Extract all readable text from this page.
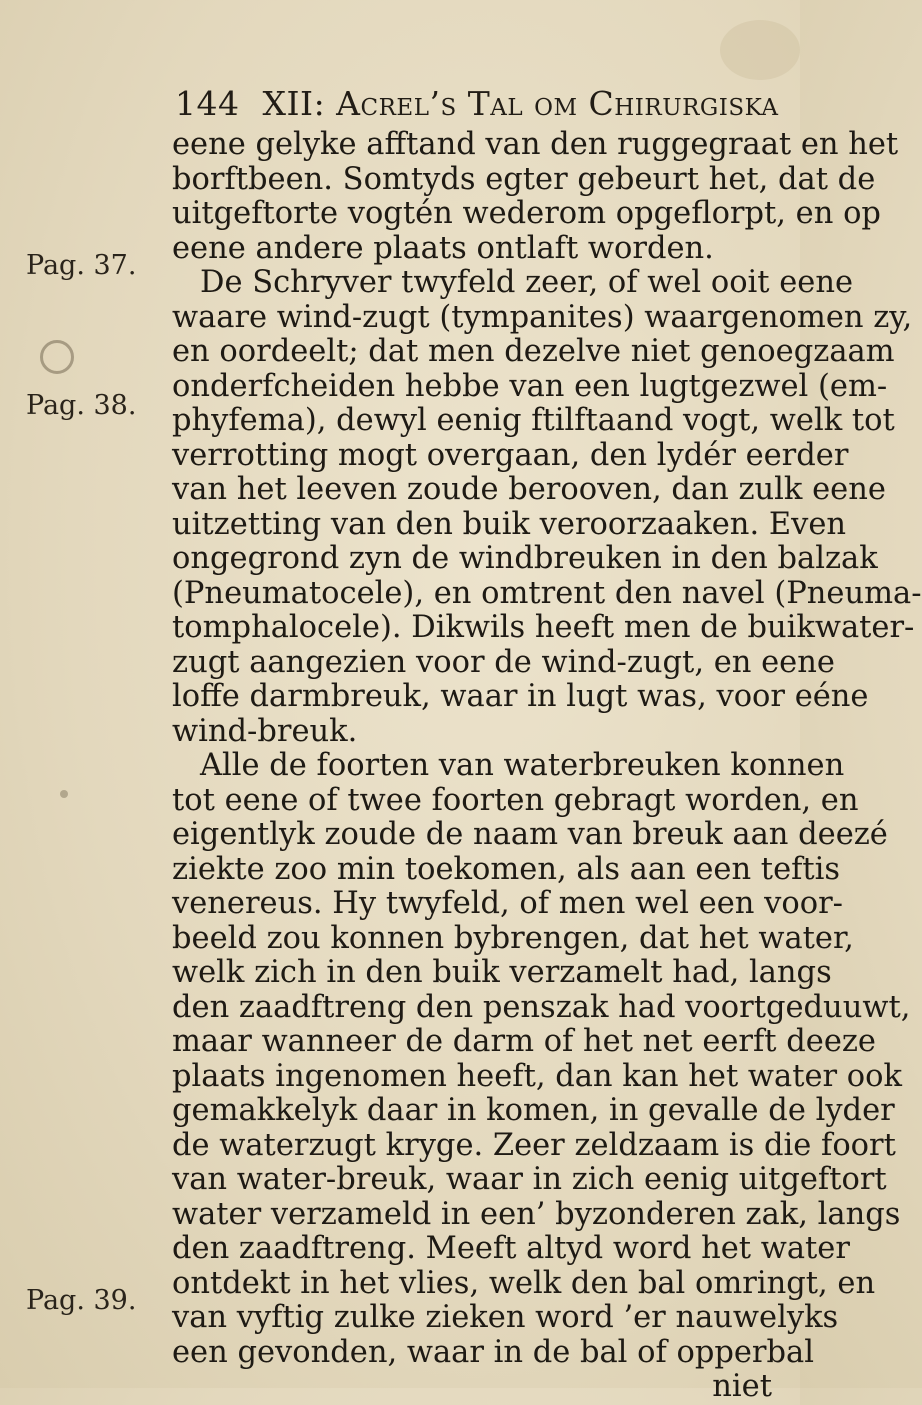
144 XII: Acrel’s Tal om Chirurgiska
Pag. 37.
Pag. 38.
Pag. 39.
eene gelyke afftand van den ruggegraat en het
borftbeen. Somtyds egter gebeurt het, dat de
uitgeftorte vogtén wederom opgeflorpt, en op
eene andere plaats ontlaft worden.
De Schryver twyfeld zeer, of wel ooit eene
waare wind-zugt (tympanites) waargenomen zy,
en oordeelt; dat men dezelve niet genoegzaam
onderfcheiden hebbe van een lugtgezwel (em-
phyfema), dewyl eenig ftilftaand vogt, welk tot
verrotting mogt overgaan, den lydér eerder
van het leeven zoude berooven, dan zulk eene
uitzetting van den buik veroorzaaken. Even
ongegrond zyn de windbreuken in den balzak
(Pneumatocele), en omtrent den navel (Pneuma-
tomphalocele). Dikwils heeft men de buikwater-
zugt aangezien voor de wind-zugt, en eene
loffe darmbreuk, waar in lugt was, voor eéne
wind-breuk.
Alle de foorten van waterbreuken konnen
tot eene of twee foorten gebragt worden, en
eigentlyk zoude de naam van breuk aan deezé
ziekte zoo min toekomen, als aan een teftis
venereus. Hy twyfeld, of men wel een voor-
beeld zou konnen bybrengen, dat het water,
welk zich in den buik verzamelt had, langs
den zaadftreng den penszak had voortgeduuwt,
maar wanneer de darm of het net eerft deeze
plaats ingenomen heeft, dan kan het water ook
gemakkelyk daar in komen, in gevalle de lyder
de waterzugt kryge. Zeer zeldzaam is die foort
van water-breuk, waar in zich eenig uitgeftort
water verzameld in een’ byzonderen zak, langs
den zaadftreng. Meeft altyd word het water
ontdekt in het vlies, welk den bal omringt, en
van vyftig zulke zieken word ’er nauwelyks
een gevonden, waar in de bal of opperbal
niet
